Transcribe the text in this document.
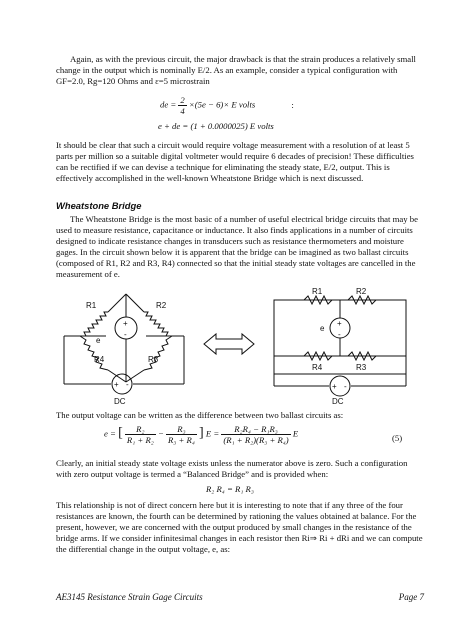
Again, as with the previous circuit, the major drawback is that the strain produces a relatively small change in the output which is nominally E/2. As an example, consider a typical configuration with GF=2.0, Rg=120 Ohms and ε=5 microstrain

de = $\frac{2}{4} \times(5e - 6)\times E$ volts	:
e + de = (1 + 0.0000025) E volts

It should be clear that such a circuit would require voltage measurement with a resolution of at least 5 parts per million so a suitable digital voltmeter would require 6 decades of precision! These difficulties can be rectified if we can devise a technique for eliminating the steady state, E/2, output. This is effectively accomplished in the well-known Wheatstone Bridge which is next discussed.

Wheatstone Bridge

The Wheatstone Bridge is the most basic of a number of useful electrical bridge circuits that may be used to measure resistance, capacitance or inductance. It also finds applications in a number of circuits designed to indicate resistance changes in transducers such as resistance thermometers and moisture gages. In the circuit shown below it is apparent that the bridge can be imagined as two ballast circuits (composed of R1, R2 and R3, R4) connected so that the initial steady state voltages are cancelled in the measurement of e.

R1	R2
R4	R3
e
+
-
+ -
DC
R1	R2
R4	R3
e
+
-
+ -
DC

The output voltage can be written as the difference between two ballast circuits as:

e = [ $\frac{\text{R₂}}{\text{R₁ + R₂}} - \frac{\text{R₃}}{\text{R₃ + R₄}}$ ] $E = \frac{\text{R₂R₄ − R₁R₃}}{\text{(R₁ + R₂)(R₃ + R₄)}}$ E	(5)

Clearly, an initial steady state voltage exists unless the numerator above is zero. Such a configuration with zero output voltage is termed a “Balanced Bridge” and is provided when:

R₂ R₄ = R₁ R₃

This relationship is not of direct concern here but it is interesting to note that if any three of the four resistances are known, the fourth can be determined by rationing the values obtained at balance. For the present, however, we are concerned with the output produced by small changes in the resistance of the bridge arms. If we consider infinitesimal changes in each resistor then Ri⇒ Ri + dRi and we can compute the differential change in the output voltage, e, as:

AE3145 Resistance Strain Gage Circuits	Page 7
